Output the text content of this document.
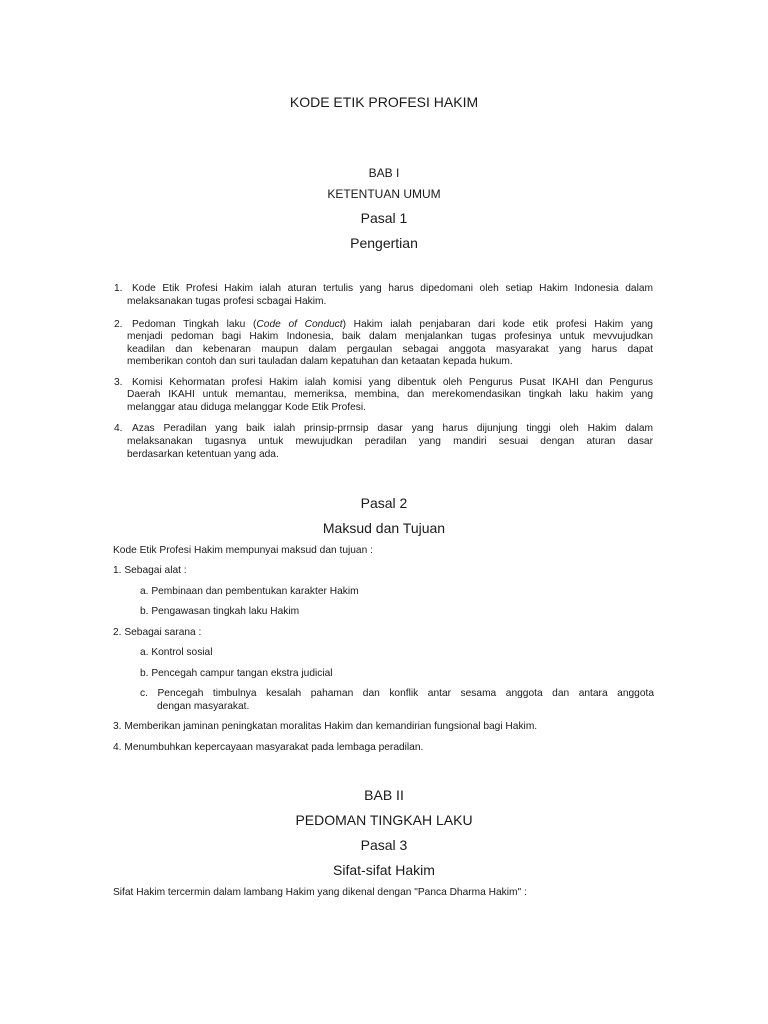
KODE ETIK PROFESI HAKIM
BAB I
KETENTUAN UMUM
Pasal 1
Pengertian
1. Kode Etik Profesi Hakim ialah aturan tertulis yang harus dipedomani oleh setiap Hakim Indonesia dalam
melaksanakan tugas profesi scbagai Hakim.
2. Pedoman Tingkah laku (Code of Conduct) Hakim ialah penjabaran dari kode etik profesi Hakim yang
menjadi pedoman bagi Hakim Indonesia, baik dalam menjalankan tugas profesinya untuk mevvujudkan
keadilan dan kebenaran maupun dalam pergaulan sebagai anggota masyarakat yang harus dapat
memberikan contoh dan suri tauladan dalam kepatuhan dan ketaatan kepada hukum.
3. Komisi Kehormatan profesi Hakim ialah komisi yang dibentuk oleh Pengurus Pusat IKAHI dan Pengurus
Daerah IKAHI untuk memantau, memeriksa, membina, dan merekomendasikan tingkah laku hakim yang
melanggar atau diduga melanggar Kode Etik Profesi.
4. Azas Peradilan yang baik ialah prinsip-prrnsip dasar yang harus dijunjung tinggi oleh Hakim dalam
melaksanakan tugasnya untuk mewujudkan peradilan yang mandiri sesuai dengan aturan dasar
berdasarkan ketentuan yang ada.
Pasal 2
Maksud dan Tujuan
Kode Etik Profesi Hakim mempunyai maksud dan tujuan :
1. Sebagai alat :
a. Pembinaan dan pembentukan karakter Hakim
b. Pengawasan tingkah laku Hakim
2. Sebagai sarana :
a. Kontrol sosial
b. Pencegah campur tangan ekstra judicial
c. Pencegah timbulnya kesalah pahaman dan konflik antar sesama anggota dan antara anggota
dengan masyarakat.
3. Memberikan jaminan peningkatan moralitas Hakim dan kemandirian fungsional bagi Hakim.
4. Menumbuhkan kepercayaan masyarakat pada lembaga peradilan.
BAB II
PEDOMAN TINGKAH LAKU
Pasal 3
Sifat-sifat Hakim
Sifat Hakim tercermin dalam lambang Hakim yang dikenal dengan "Panca Dharma Hakim" :
